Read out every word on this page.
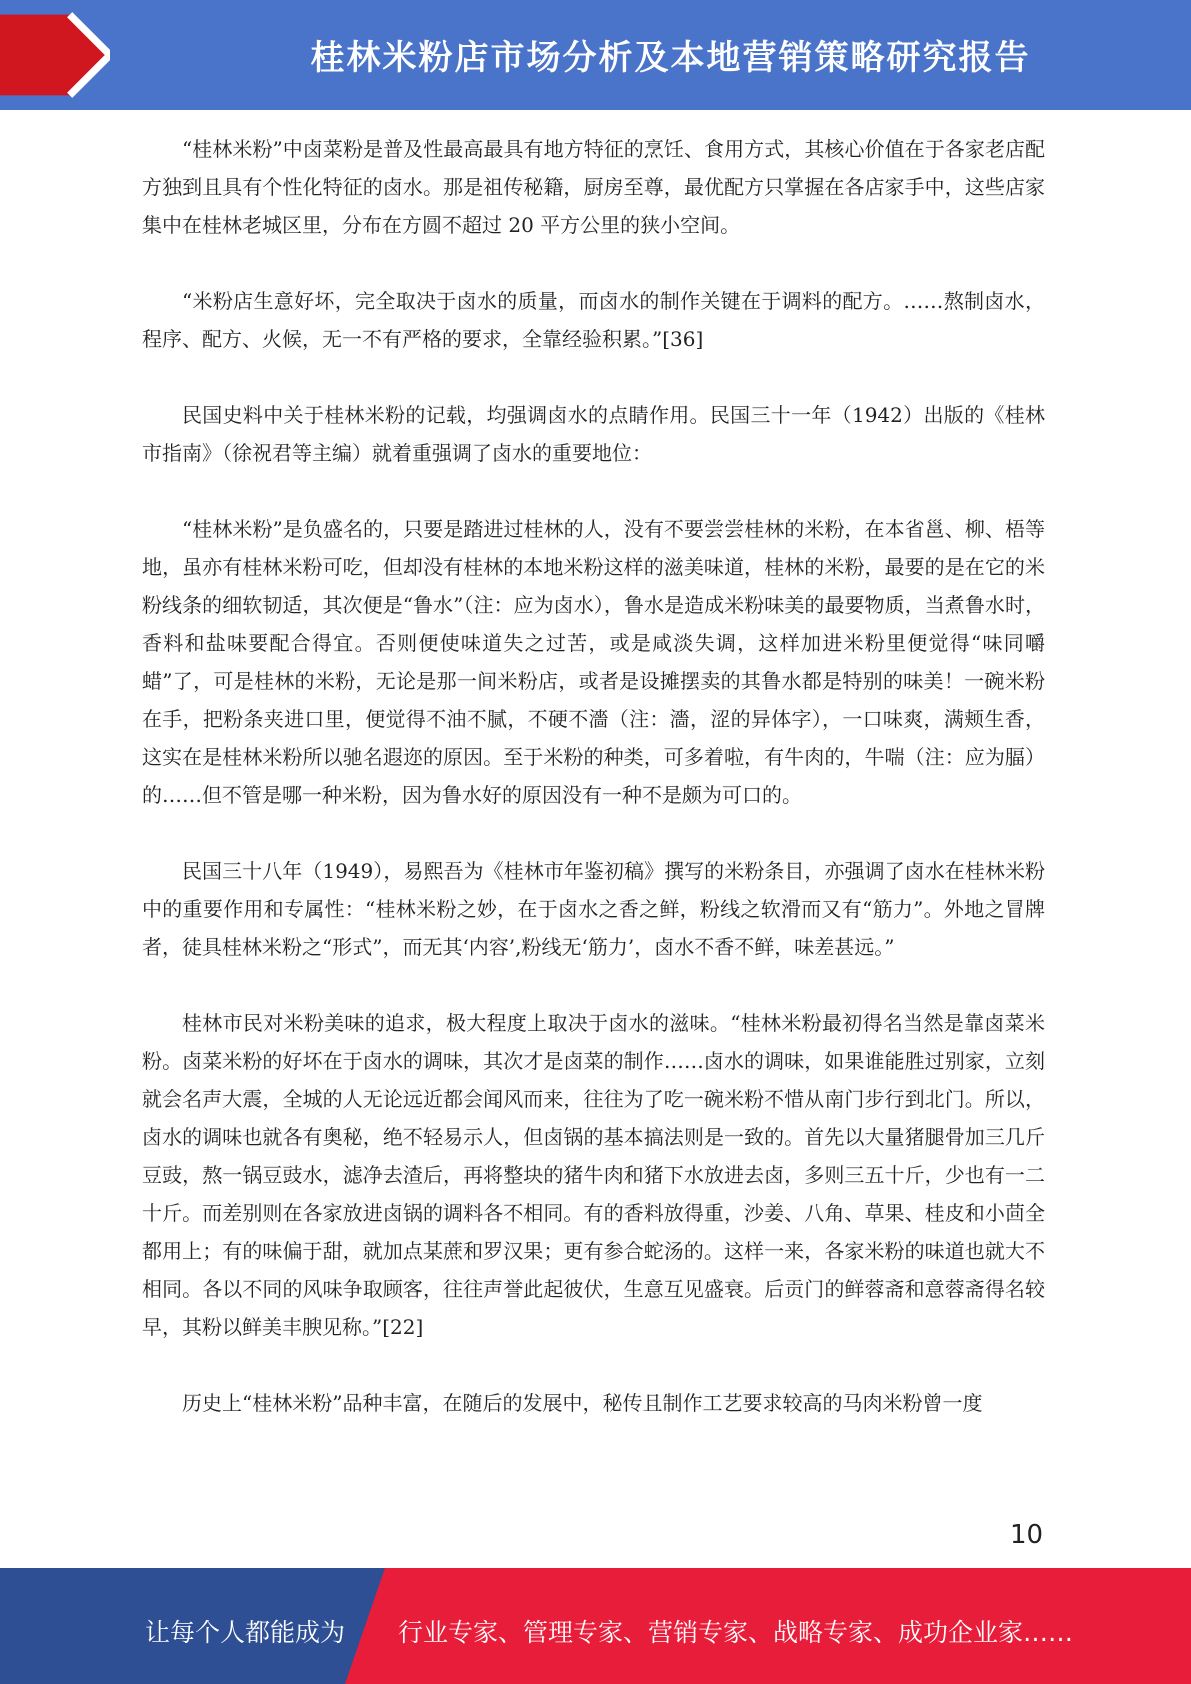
桂林米粉店市场分析及本地营销策略研究报告

“桂林米粉”中卤菜粉是普及性最高最具有地方特征的烹饪、食用方式，其核心价值在于各家老店配方独到且具有个性化特征的卤水。那是祖传秘籍，厨房至尊，最优配方只掌握在各店家手中，这些店家集中在桂林老城区里，分布在方圆不超过 20 平方公里的狭小空间。

“米粉店生意好坏，完全取决于卤水的质量，而卤水的制作关键在于调料的配方。……熬制卤水，程序、配方、火候，无一不有严格的要求，全靠经验积累。”[36]

民国史料中关于桂林米粉的记载，均强调卤水的点睛作用。民国三十一年（1942）出版的《桂林市指南》（徐祝君等主编）就着重强调了卤水的重要地位：

“桂林米粉”是负盛名的，只要是踏进过桂林的人，没有不要尝尝桂林的米粉，在本省邕、柳、梧等地，虽亦有桂林米粉可吃，但却没有桂林的本地米粉这样的滋美味道，桂林的米粉，最要的是在它的米粉线条的细软韧适，其次便是“鲁水”（注：应为卤水），鲁水是造成米粉味美的最要物质，当煮鲁水时，香料和盐味要配合得宜。否则便使味道失之过苦，或是咸淡失调，这样加进米粉里便觉得“味同嚼蜡”了，可是桂林的米粉，无论是那一间米粉店，或者是设摊摆卖的其鲁水都是特别的味美！一碗米粉在手，把粉条夹进口里，便觉得不油不腻，不硬不濇（注：濇，涩的异体字），一口味爽，满颊生香，这实在是桂林米粉所以驰名遐迩的原因。至于米粉的种类，可多着啦，有牛肉的，牛喘（注：应为腷）的……但不管是哪一种米粉，因为鲁水好的原因没有一种不是颇为可口的。

民国三十八年（1949），易熙吾为《桂林市年鉴初稿》撰写的米粉条目，亦强调了卤水在桂林米粉中的重要作用和专属性：“桂林米粉之妙，在于卤水之香之鲜，粉线之软滑而又有“筋力”。外地之冒牌者，徒具桂林米粉之“形式”，而无其‘内容’,粉线无‘筋力’，卤水不香不鲜，味差甚远。”

桂林市民对米粉美味的追求，极大程度上取决于卤水的滋味。“桂林米粉最初得名当然是靠卤菜米粉。卤菜米粉的好坏在于卤水的调味，其次才是卤菜的制作……卤水的调味，如果谁能胜过别家，立刻就会名声大震，全城的人无论远近都会闻风而来，往往为了吃一碗米粉不惜从南门步行到北门。所以，卤水的调味也就各有奥秘，绝不轻易示人，但卤锅的基本搞法则是一致的。首先以大量猪腿骨加三几斤豆豉，熬一锅豆豉水，滤净去渣后，再将整块的猪牛肉和猪下水放进去卤，多则三五十斤，少也有一二十斤。而差别则在各家放进卤锅的调料各不相同。有的香料放得重，沙姜、八角、草果、桂皮和小茴全都用上；有的味偏于甜，就加点某蔗和罗汉果；更有参合蛇汤的。这样一来，各家米粉的味道也就大不相同。各以不同的风味争取顾客，往往声誉此起彼伏，生意互见盛衰。后贡门的鲜蓉斋和意蓉斋得名较早，其粉以鲜美丰腴见称。”[22]

历史上“桂林米粉”品种丰富，在随后的发展中，秘传且制作工艺要求较高的马肉米粉曾一度

10
让每个人都能成为 行业专家、管理专家、营销专家、战略专家、成功企业家……
